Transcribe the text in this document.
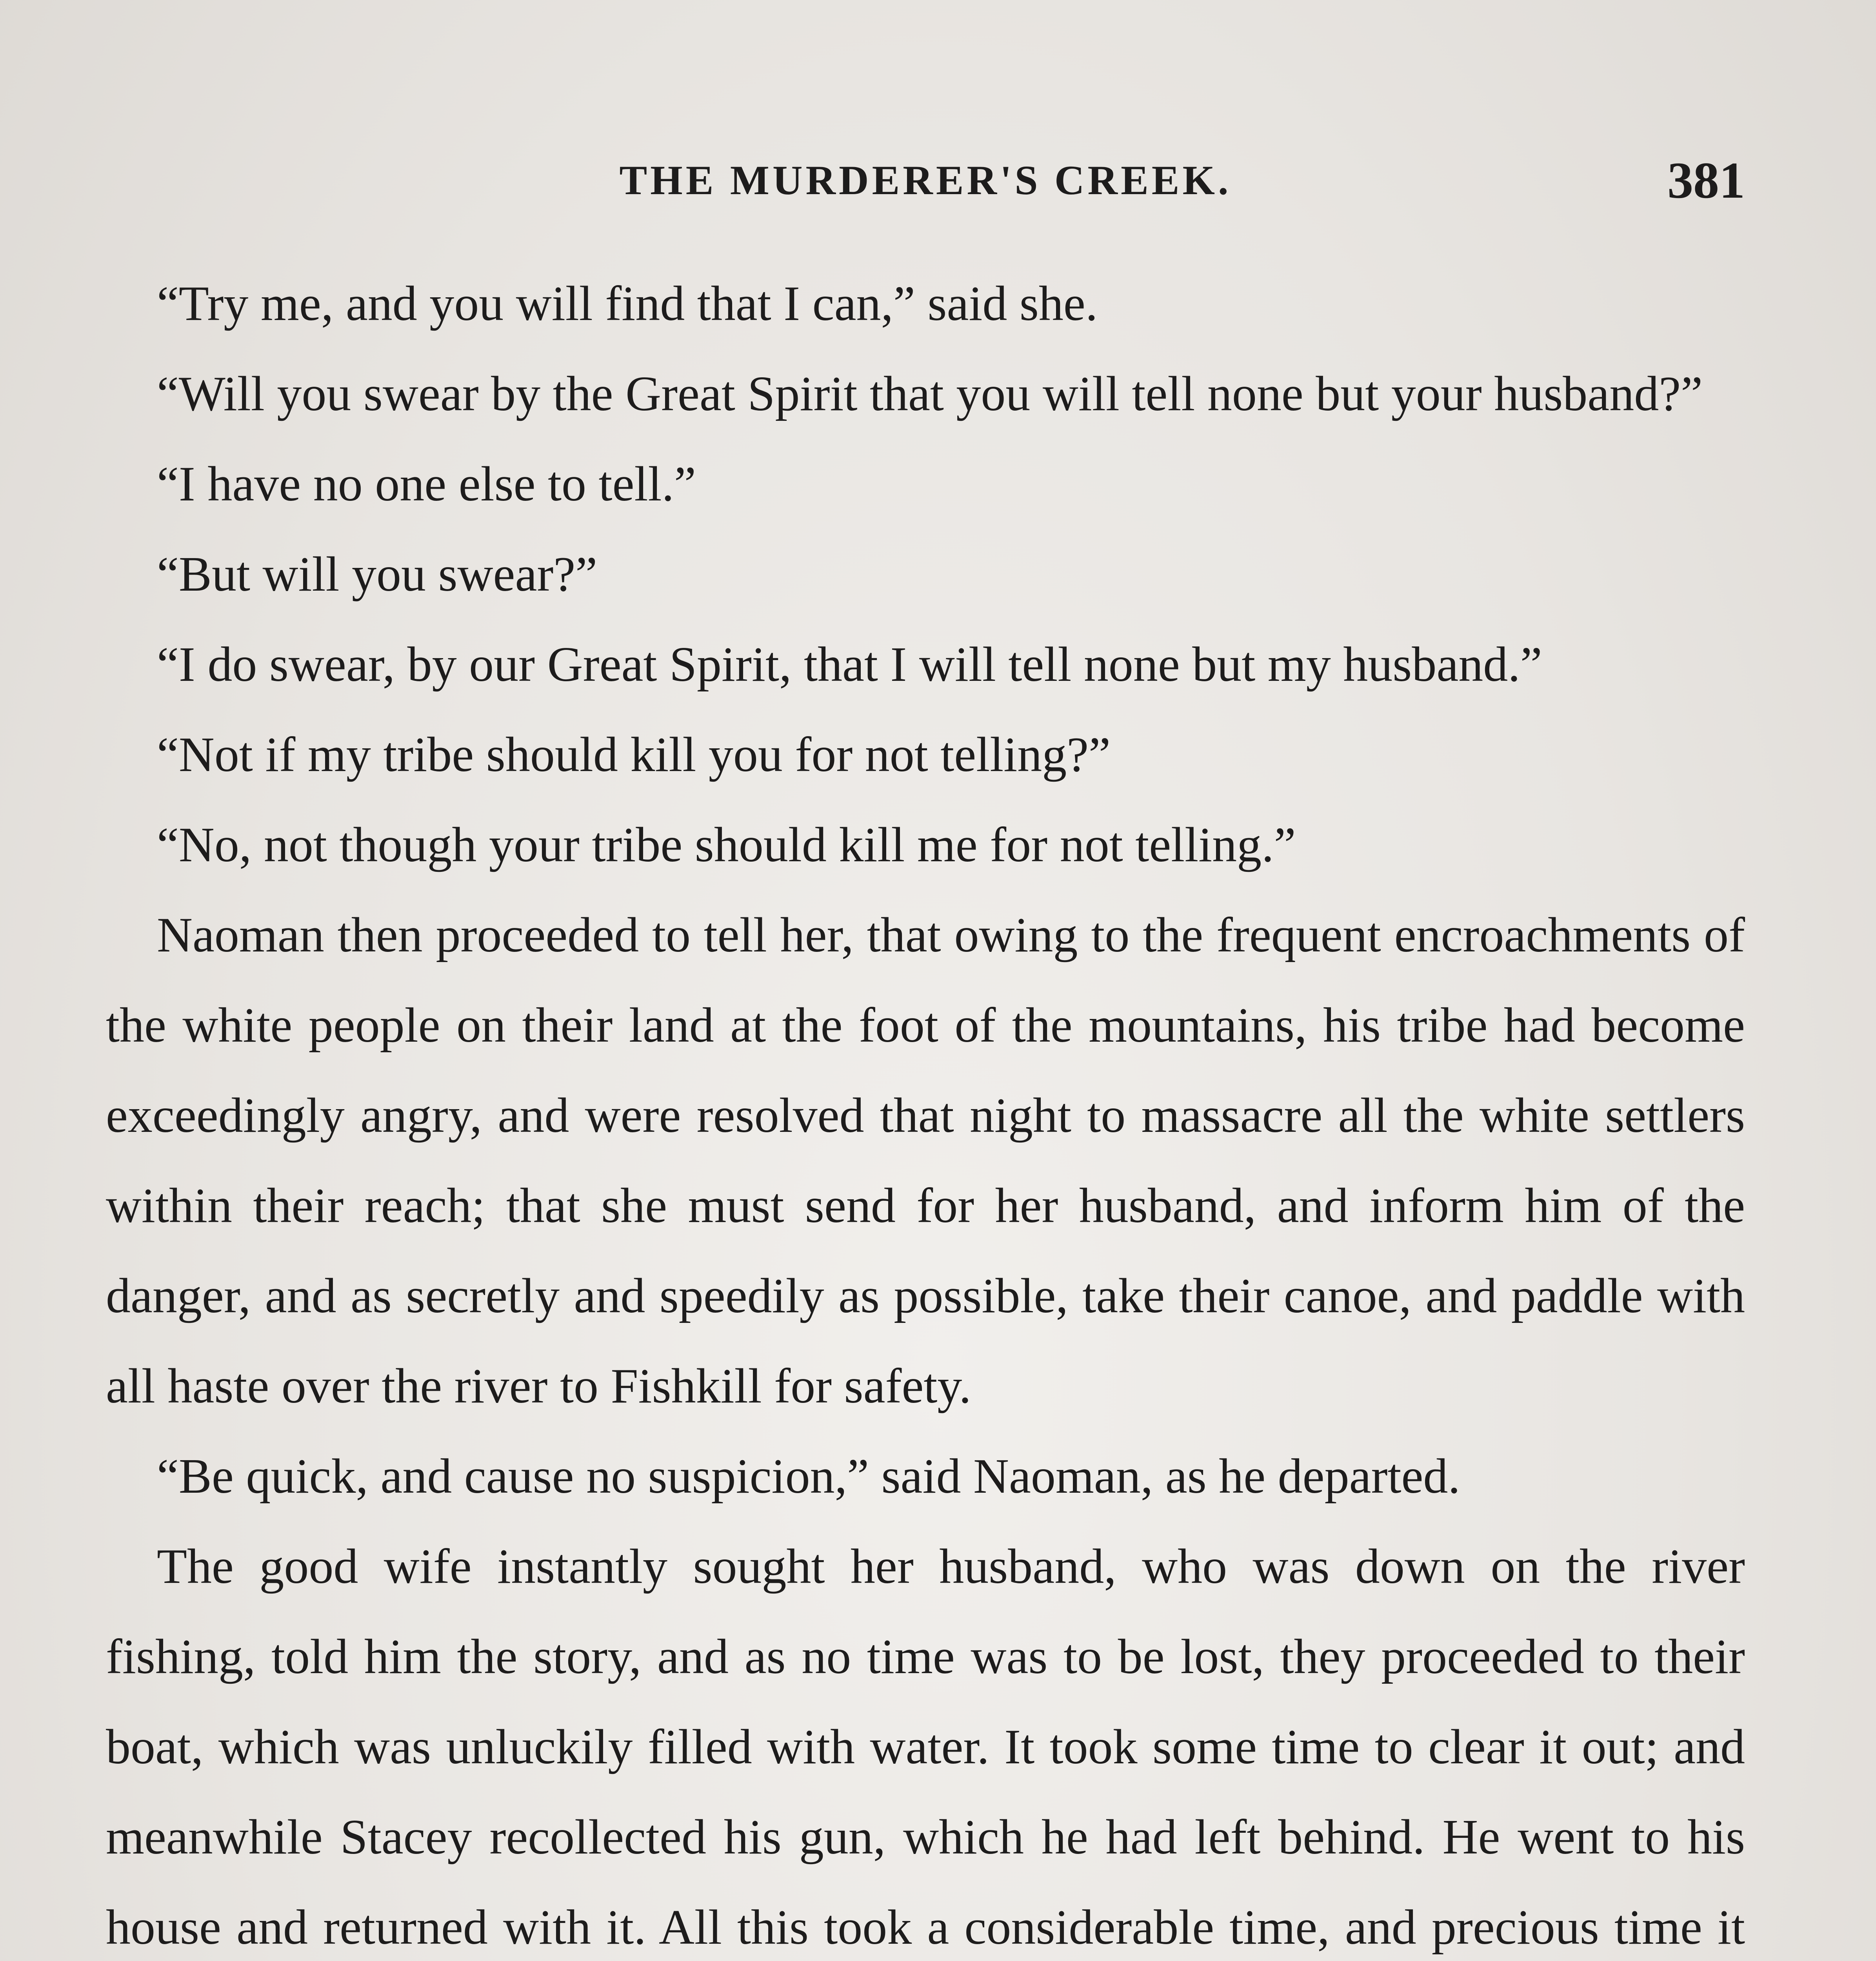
THE MURDERER'S CREEK.	381

“Try me, and you will find that I can,” said she.

“Will you swear by the Great Spirit that you will tell none but your husband?”

“I have no one else to tell.”

“But will you swear?”

“I do swear, by our Great Spirit, that I will tell none but my husband.”

“Not if my tribe should kill you for not telling?”

“No, not though your tribe should kill me for not telling.”

Naoman then proceeded to tell her, that owing to the frequent encroachments of the white people on their land at the foot of the mountains, his tribe had become exceedingly angry, and were resolved that night to massacre all the white settlers within their reach; that she must send for her husband, and inform him of the danger, and as secretly and speedily as possible, take their canoe, and paddle with all haste over the river to Fishkill for safety.

“Be quick, and cause no suspicion,” said Naoman, as he departed.

The good wife instantly sought her husband, who was down on the river fishing, told him the story, and as no time was to be lost, they proceeded to their boat, which was unluckily filled with water. It took some time to clear it out; and meanwhile Stacey recollected his gun, which he had left behind. He went to his house and returned with it. All this took a considerable time, and precious time it
